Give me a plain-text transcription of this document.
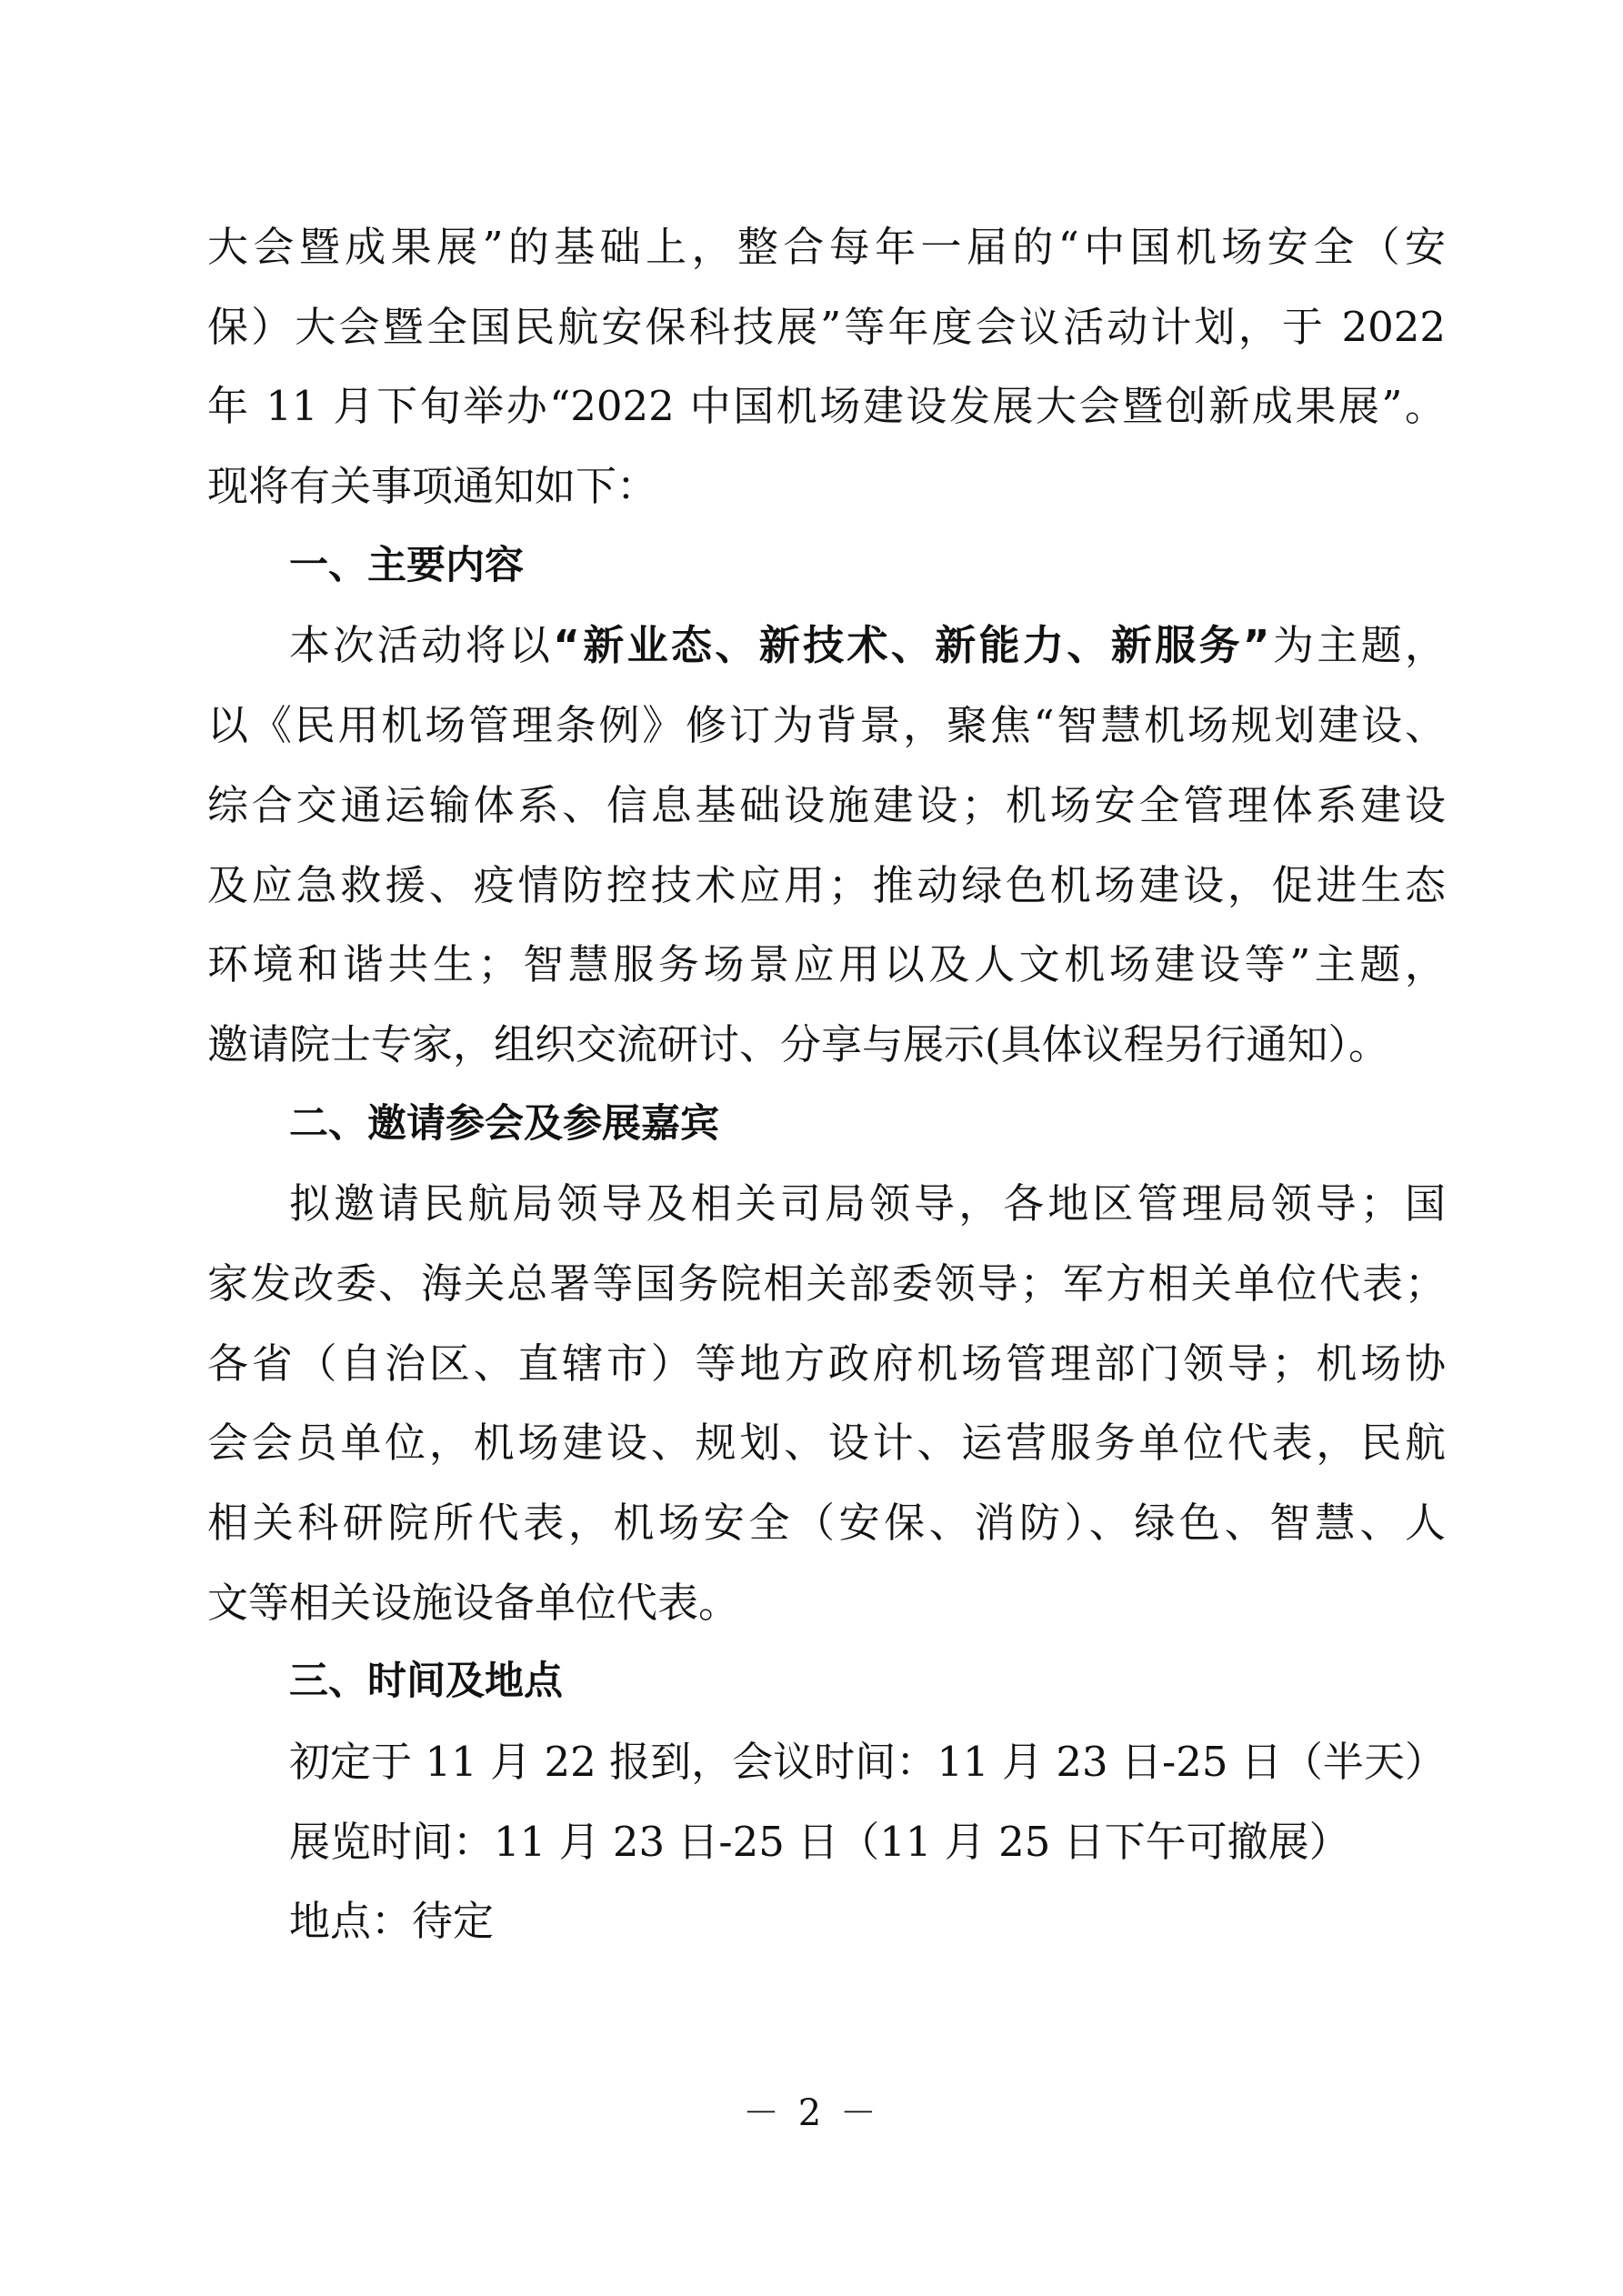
大会暨成果展”的基础上，整合每年一届的“中国机场安全（安
保）大会暨全国民航安保科技展”等年度会议活动计划，于 2022
年 11 月下旬举办“2022 中国机场建设发展大会暨创新成果展”。
现将有关事项通知如下：
一、主要内容
本次活动将以“新业态、新技术、新能力、新服务”为主题，
以《民用机场管理条例》修订为背景，聚焦“智慧机场规划建设、
综合交通运输体系、信息基础设施建设；机场安全管理体系建设
及应急救援、疫情防控技术应用；推动绿色机场建设，促进生态
环境和谐共生；智慧服务场景应用以及人文机场建设等”主题，
邀请院士专家，组织交流研讨、分享与展示(具体议程另行通知）。
二、邀请参会及参展嘉宾
拟邀请民航局领导及相关司局领导，各地区管理局领导；国
家发改委、海关总署等国务院相关部委领导；军方相关单位代表；
各省（自治区、直辖市）等地方政府机场管理部门领导；机场协
会会员单位，机场建设、规划、设计、运营服务单位代表，民航
相关科研院所代表，机场安全（安保、消防）、绿色、智慧、人
文等相关设施设备单位代表。
三、时间及地点
初定于 11 月 22 报到，会议时间：11 月 23 日-25 日（半天）
展览时间：11 月 23 日-25 日（11 月 25 日下午可撤展）
地点：待定
－ 2 －
